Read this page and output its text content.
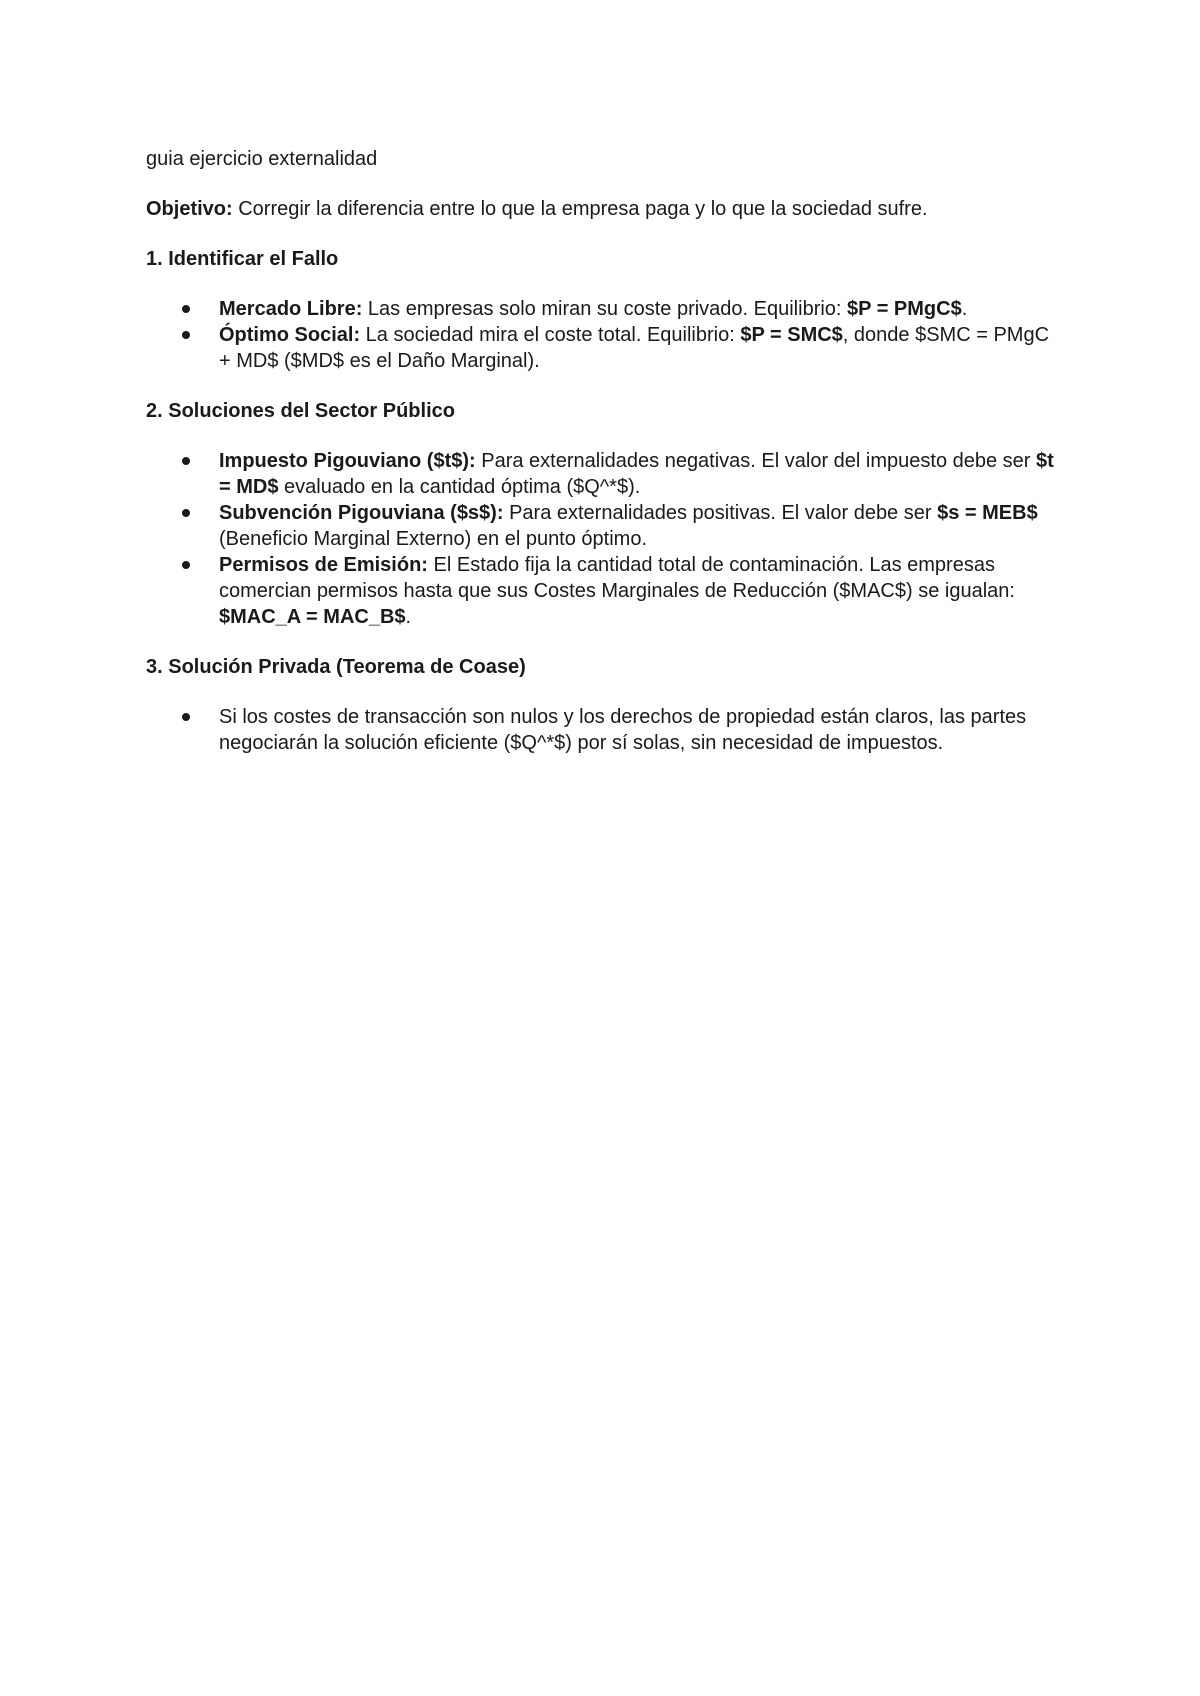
guia ejercicio externalidad

Objetivo: Corregir la diferencia entre lo que la empresa paga y lo que la sociedad sufre.

1. Identificar el Fallo

Mercado Libre: Las empresas solo miran su coste privado. Equilibrio: $P = PMgC$.
Óptimo Social: La sociedad mira el coste total. Equilibrio: $P = SMC$, donde $SMC = PMgC + MD$ ($MD$ es el Daño Marginal).

2. Soluciones del Sector Público

Impuesto Pigouviano ($t$): Para externalidades negativas. El valor del impuesto debe ser $t = MD$ evaluado en la cantidad óptima ($Q^*$).
Subvención Pigouviana ($s$): Para externalidades positivas. El valor debe ser $s = MEB$ (Beneficio Marginal Externo) en el punto óptimo.
Permisos de Emisión: El Estado fija la cantidad total de contaminación. Las empresas comercian permisos hasta que sus Costes Marginales de Reducción ($MAC$) se igualan: $MAC_A = MAC_B$.

3. Solución Privada (Teorema de Coase)

Si los costes de transacción son nulos y los derechos de propiedad están claros, las partes negociarán la solución eficiente ($Q^*$) por sí solas, sin necesidad de impuestos.
